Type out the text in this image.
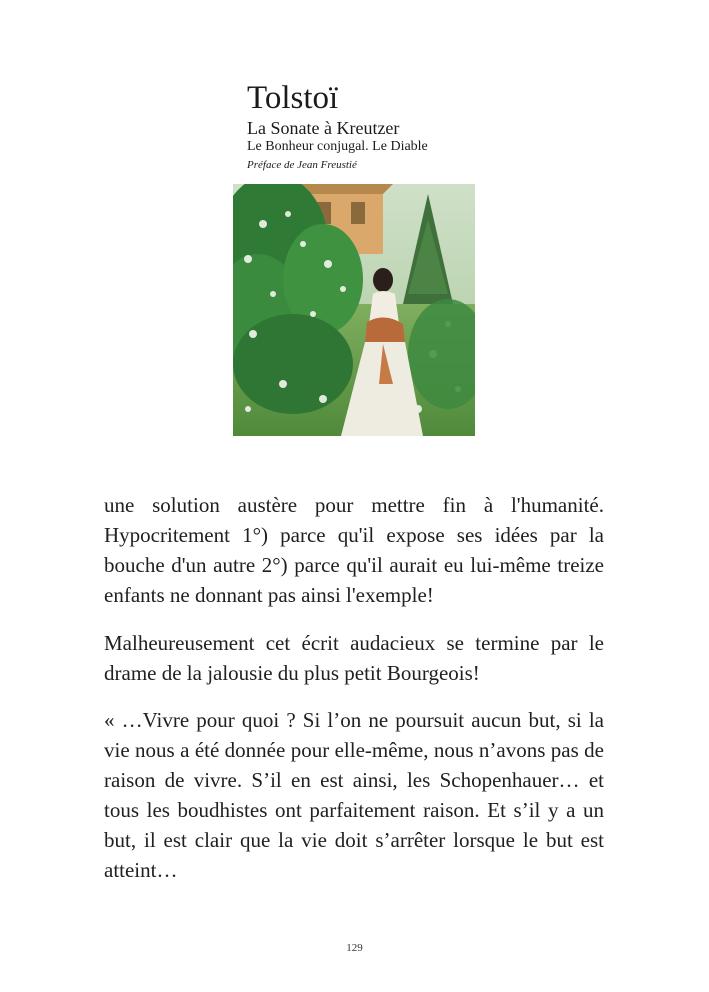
Tolstoï

La Sonate à Kreutzer

Le Bonheur conjugal. Le Diable

Préface de Jean Freustié

une solution austère pour mettre fin à l'humanité. Hypocritement 1°) parce qu'il expose ses idées par la bouche d'un autre 2°) parce qu'il aurait eu lui-même treize enfants ne donnant pas ainsi l'exemple!

Malheureusement cet écrit audacieux se termine par le drame de la jalousie du plus petit Bourgeois!

« …Vivre pour quoi ? Si l’on ne poursuit aucun but, si la vie nous a été donnée pour elle-même, nous n’avons pas de raison de vivre. S’il en est ainsi, les Schopenhauer… et tous les boudhistes ont parfaitement raison. Et s’il y a un but, il est clair que la vie doit s’arrêter lorsque le but est atteint…

129
